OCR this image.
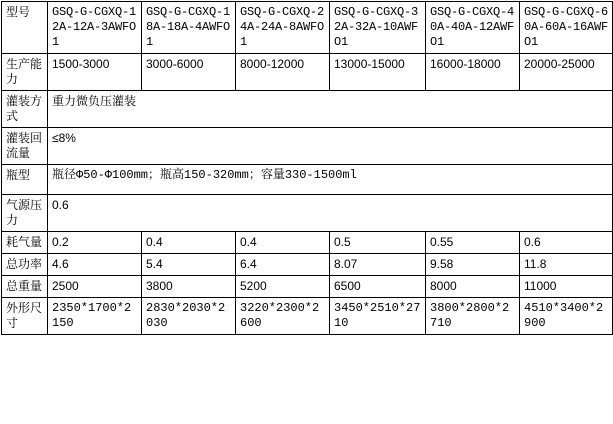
型号	GSQ-G-CGXQ-12A-12A-3AWFO1	GSQ-G-CGXQ-18A-18A-4AWFO1	GSQ-G-CGXQ-24A-24A-8AWFO1	GSQ-G-CGXQ-32A-32A-10AWFO1	GSQ-G-CGXQ-40A-40A-12AWFO1	GSQ-G-CGXQ-60A-60A-16AWFO1
生产能力	1500-3000	3000-6000	8000-12000	13000-15000	16000-18000	20000-25000
灌装方式	重力微负压灌装					
灌装回流量	≤8%					
瓶型	瓶径Φ50-Φ100mm；瓶高150-320mm；容量330-1500ml					
气源压力	0.6					
耗气量	0.2	0.4	0.4	0.5	0.55	0.6
总功率	4.6	5.4	6.4	8.07	9.58	11.8
总重量	2500	3800	5200	6500	8000	11000
外形尺寸	2350*1700*2150	2830*2030*2030	3220*2300*2600	3450*2510*2710	3800*2800*2710	4510*3400*2900
